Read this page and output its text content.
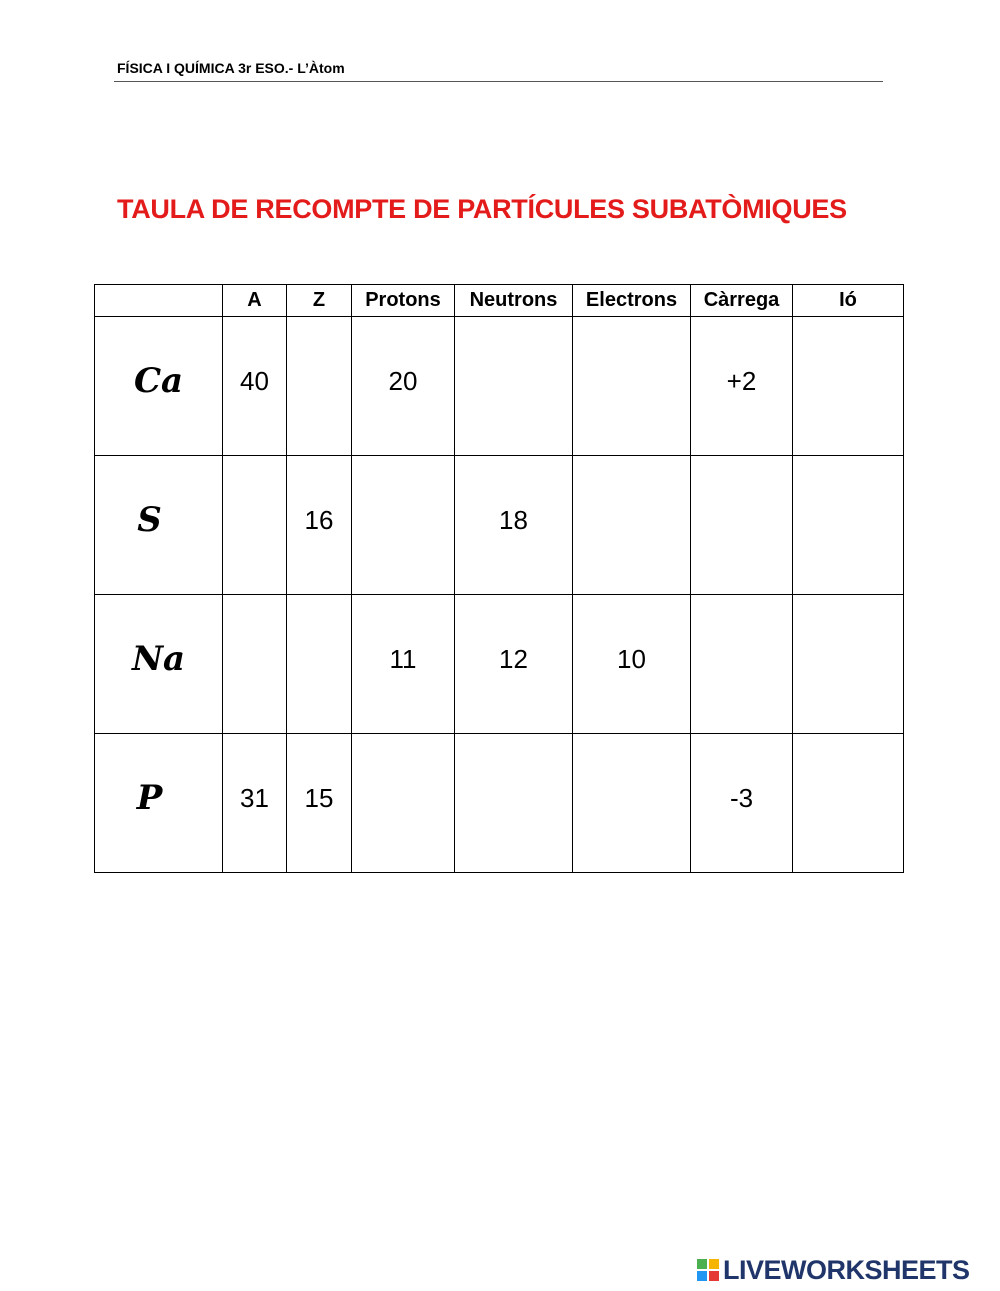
FÍSICA I QUÍMICA 3r ESO.- L’Àtom
TAULA DE RECOMPTE DE PARTÍCULES SUBATÒMIQUES
	A	Z	Protons	Neutrons	Electrons	Càrrega	Ió
Ca	40		20			+2	
S		16		18			
Na			11	12	10		
P	31	15				-3	
LIVEWORKSHEETS
